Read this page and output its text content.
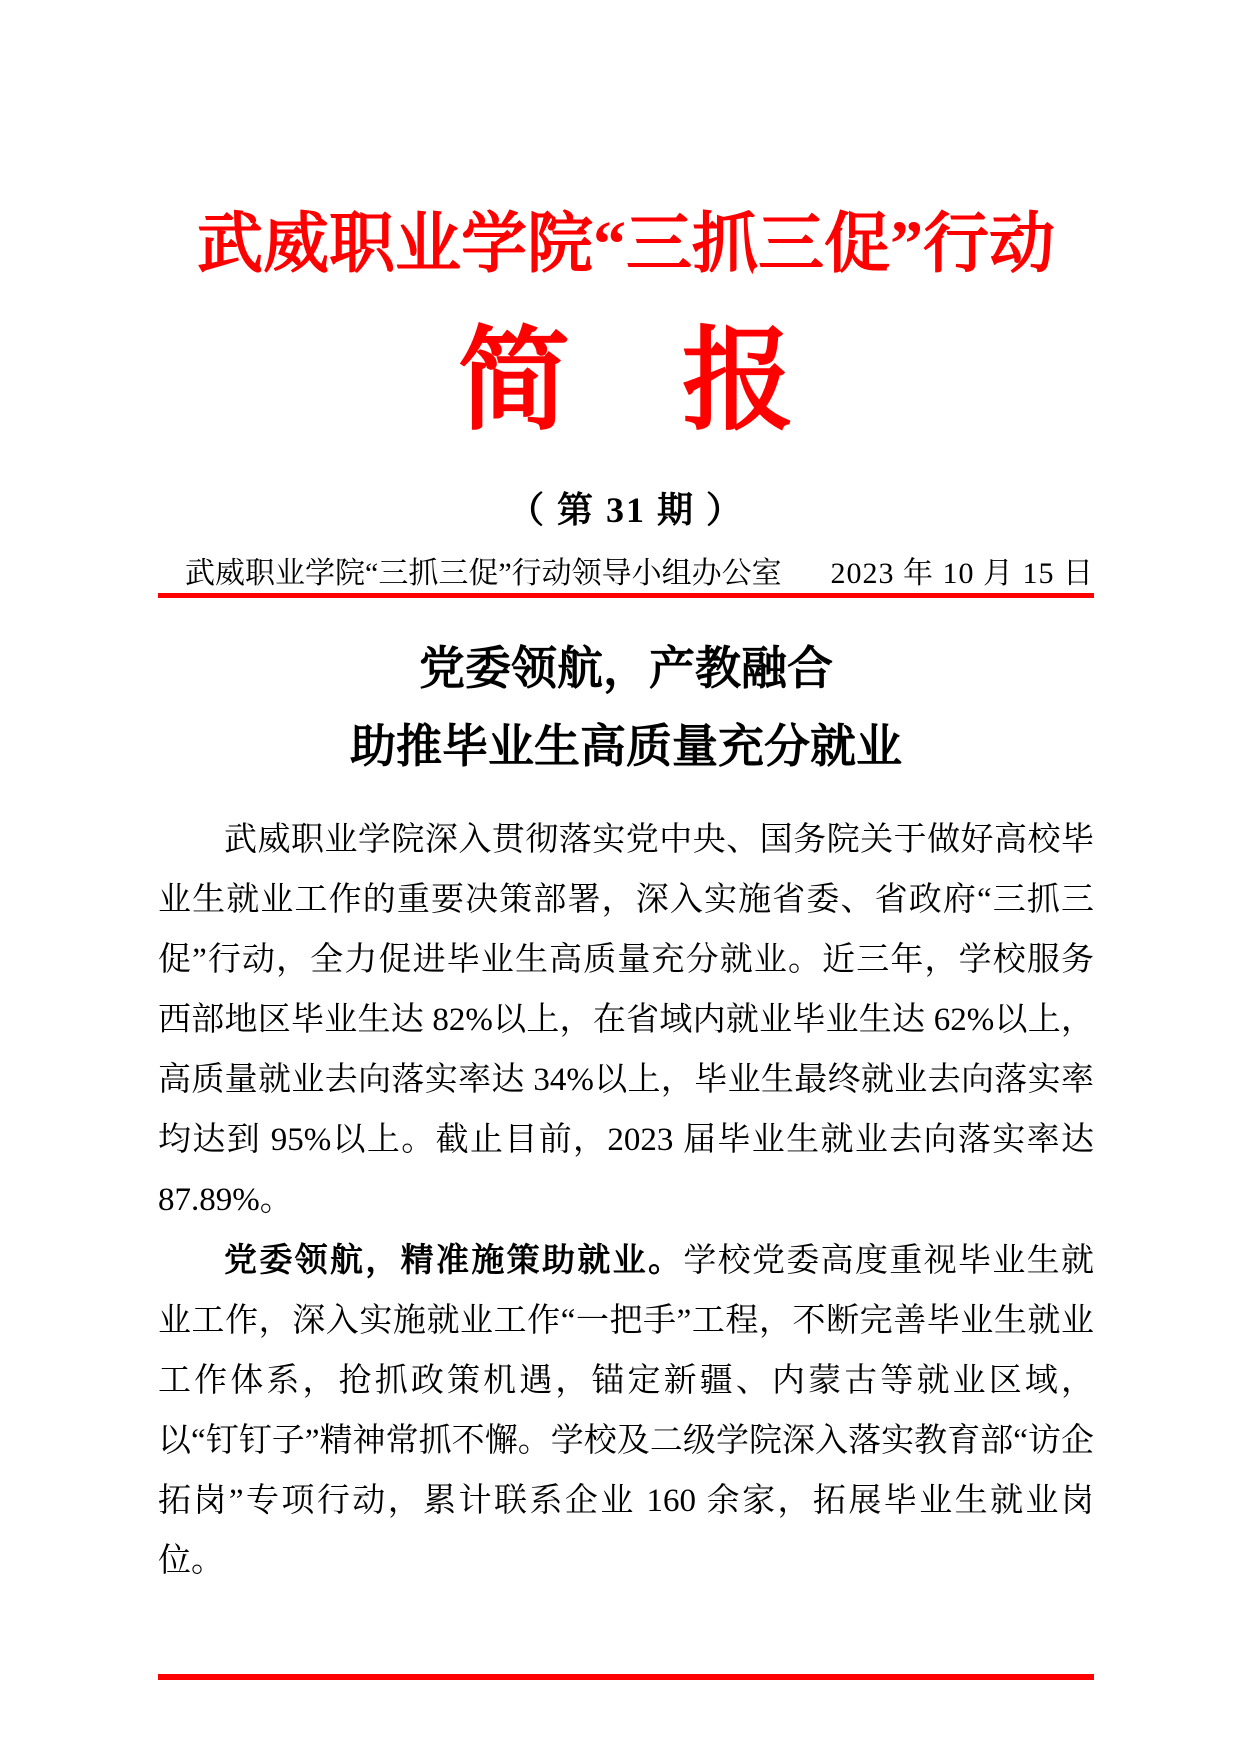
武威职业学院“三抓三促”行动
简　报
（ 第 31 期 ）
武威职业学院“三抓三促”行动领导小组办公室 2023 年 10 月 15 日
党委领航，产教融合
助推毕业生高质量充分就业

武威职业学院深入贯彻落实党中央、国务院关于做好高校毕业生就业工作的重要决策部署，深入实施省委、省政府“三抓三促”行动，全力促进毕业生高质量充分就业。近三年，学校服务西部地区毕业生达 82%以上，在省域内就业毕业生达 62%以上，高质量就业去向落实率达 34%以上，毕业生最终就业去向落实率均达到 95%以上。截止目前，2023 届毕业生就业去向落实率达87.89%。

党委领航，精准施策助就业。学校党委高度重视毕业生就业工作，深入实施就业工作“一把手”工程，不断完善毕业生就业工作体系，抢抓政策机遇，锚定新疆、内蒙古等就业区域，以“钉钉子”精神常抓不懈。学校及二级学院深入落实教育部“访企拓岗”专项行动，累计联系企业 160 余家，拓展毕业生就业岗位。
